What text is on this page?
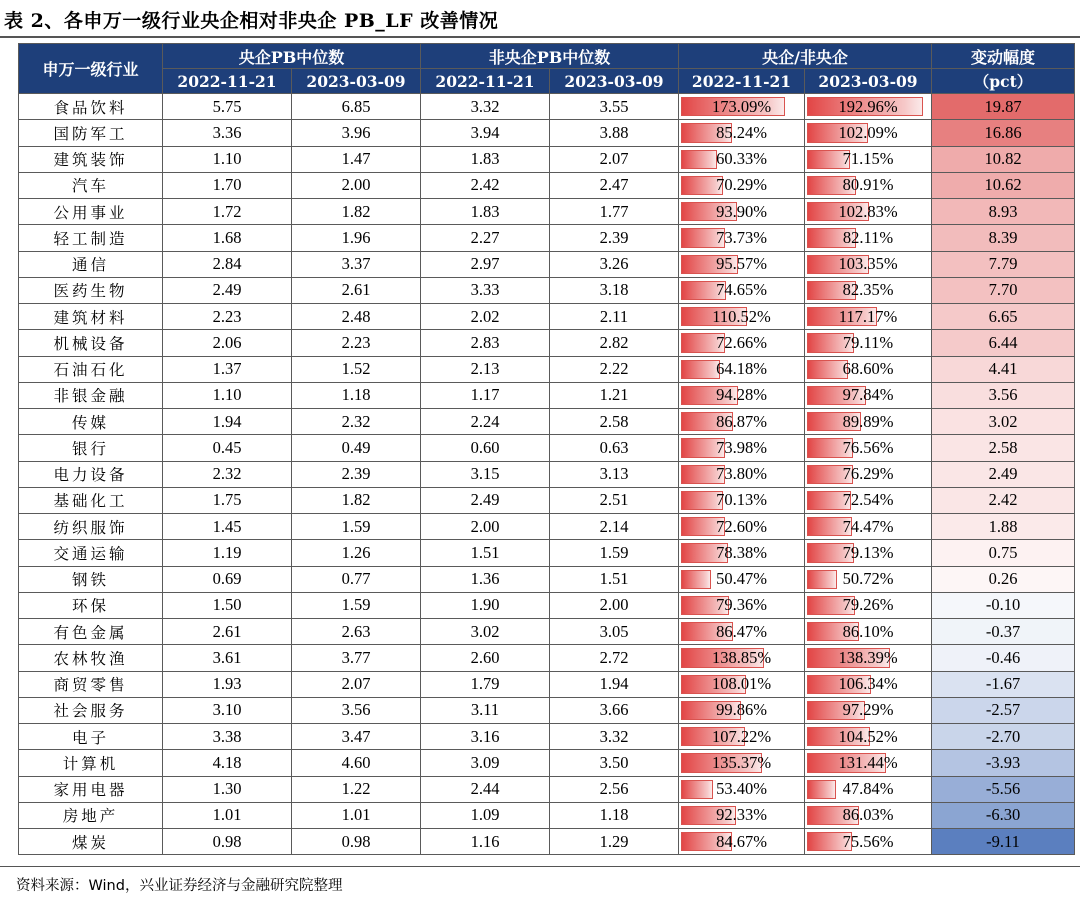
表 2、各申万一级行业央企相对非央企 PB_LF 改善情况
申万一级行业	央企PB中位数		非央企PB中位数		央企/非央企		变动幅度
	2022-11-21	2023-03-09	2022-11-21	2023-03-09	2022-11-21	2023-03-09	（pct）
食品饮料	5.75	6.85	3.32	3.55	173.09%	192.96%	19.87
国防军工	3.36	3.96	3.94	3.88	85.24%	102.09%	16.86
建筑装饰	1.10	1.47	1.83	2.07	60.33%	71.15%	10.82
汽车	1.70	2.00	2.42	2.47	70.29%	80.91%	10.62
公用事业	1.72	1.82	1.83	1.77	93.90%	102.83%	8.93
轻工制造	1.68	1.96	2.27	2.39	73.73%	82.11%	8.39
通信	2.84	3.37	2.97	3.26	95.57%	103.35%	7.79
医药生物	2.49	2.61	3.33	3.18	74.65%	82.35%	7.70
建筑材料	2.23	2.48	2.02	2.11	110.52%	117.17%	6.65
机械设备	2.06	2.23	2.83	2.82	72.66%	79.11%	6.44
石油石化	1.37	1.52	2.13	2.22	64.18%	68.60%	4.41
非银金融	1.10	1.18	1.17	1.21	94.28%	97.84%	3.56
传媒	1.94	2.32	2.24	2.58	86.87%	89.89%	3.02
银行	0.45	0.49	0.60	0.63	73.98%	76.56%	2.58
电力设备	2.32	2.39	3.15	3.13	73.80%	76.29%	2.49
基础化工	1.75	1.82	2.49	2.51	70.13%	72.54%	2.42
纺织服饰	1.45	1.59	2.00	2.14	72.60%	74.47%	1.88
交通运输	1.19	1.26	1.51	1.59	78.38%	79.13%	0.75
钢铁	0.69	0.77	1.36	1.51	50.47%	50.72%	0.26
环保	1.50	1.59	1.90	2.00	79.36%	79.26%	-0.10
有色金属	2.61	2.63	3.02	3.05	86.47%	86.10%	-0.37
农林牧渔	3.61	3.77	2.60	2.72	138.85%	138.39%	-0.46
商贸零售	1.93	2.07	1.79	1.94	108.01%	106.34%	-1.67
社会服务	3.10	3.56	3.11	3.66	99.86%	97.29%	-2.57
电子	3.38	3.47	3.16	3.32	107.22%	104.52%	-2.70
计算机	4.18	4.60	3.09	3.50	135.37%	131.44%	-3.93
家用电器	1.30	1.22	2.44	2.56	53.40%	47.84%	-5.56
房地产	1.01	1.01	1.09	1.18	92.33%	86.03%	-6.30
煤炭	0.98	0.98	1.16	1.29	84.67%	75.56%	-9.11
资料来源：Wind，兴业证券经济与金融研究院整理
